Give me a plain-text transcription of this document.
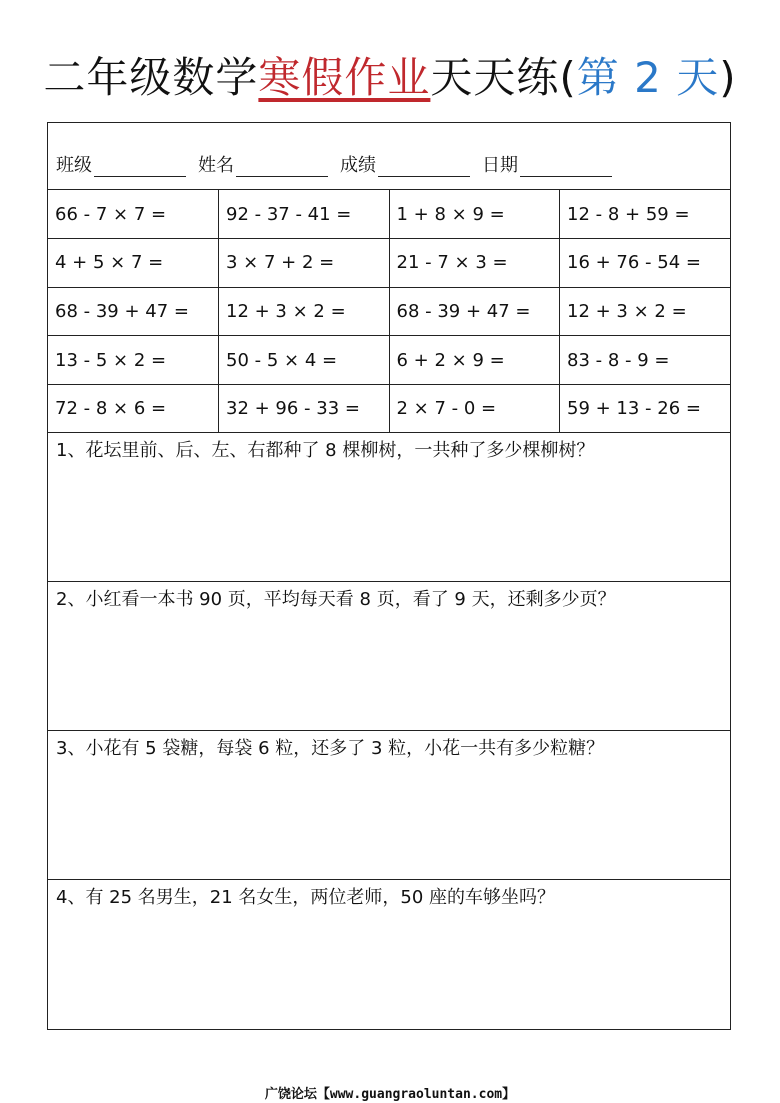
二年级数学寒假作业天天练(第 2 天)
班级	姓名	成绩	日期
66 - 7 × 7 =	92 - 37 - 41 =	1 + 8 × 9 =	12 - 8 + 59 =
4 + 5 × 7 =	3 × 7 + 2 =	21 - 7 × 3 =	16 + 76 - 54 =
68 - 39 + 47 =	12 + 3 × 2 =	68 - 39 + 47 =	12 + 3 × 2 =
13 - 5 × 2 =	50 - 5 × 4 =	6 + 2 × 9 =	83 - 8 - 9 =
72 - 8 × 6 =	32 + 96 - 33 =	2 × 7 - 0 =	59 + 13 - 26 =
1、花坛里前、后、左、右都种了 8 棵柳树，一共种了多少棵柳树？
2、小红看一本书 90 页，平均每天看 8 页，看了 9 天，还剩多少页？
3、小花有 5 袋糖，每袋 6 粒，还多了 3 粒，小花一共有多少粒糖？
4、有 25 名男生，21 名女生，两位老师，50 座的车够坐吗？
广饶论坛【www.guangraoluntan.com】
